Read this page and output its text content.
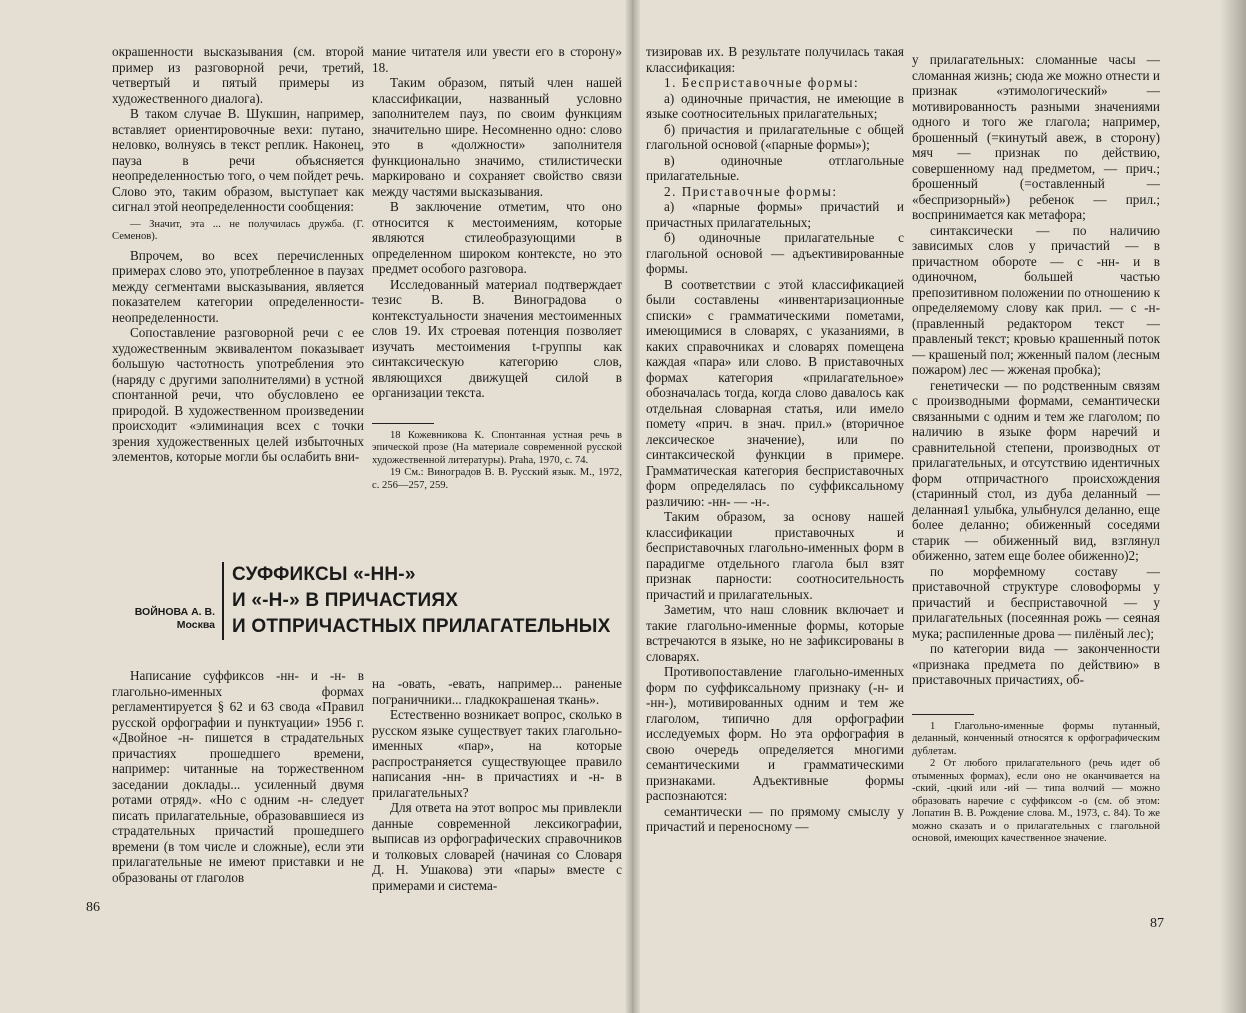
окрашенности высказывания (см. второй пример из разговорной речи, третий, четвертый и пятый примеры из художественного диалога).

В таком случае В. Шукшин, например, вставляет ориентировочные вехи: путано, неловко, волнуясь в текст реплик. Наконец, пауза в речи объясняется неопределенностью того, о чем пойдет речь. Слово это, таким образом, выступает как сигнал этой неопределенности сообщения:

— Значит, эта ... не получилась дружба. (Г. Семенов).

Впрочем, во всех перечисленных примерах слово это, употребленное в паузах между сегментами высказывания, является показателем категории определенности-неопределенности.

Сопоставление разговорной речи с ее художественным эквивалентом показывает большую частотность употребления это (наряду с другими заполнителями) в устной спонтанной речи, что обусловлено ее природой. В художественном произведении происходит «элиминация всех с точки зрения художественных целей избыточных элементов, которые могли бы ослабить вни-

мание читателя или увести его в сторону» 18.

Таким образом, пятый член нашей классификации, названный условно заполнителем пауз, по своим функциям значительно шире. Несомненно одно: слово это в «должности» заполнителя функционально значимо, стилистически маркировано и сохраняет свойство связи между частями высказывания.

В заключение отметим, что оно относится к местоимениям, которые являются стилеобразующими в определенном широком контексте, но это предмет особого разговора.

Исследованный материал подтверждает тезис В. В. Виноградова о контекстуальности значения местоименных слов 19. Их строевая потенция позволяет изучать местоимения t-группы как синтаксическую категорию слов, являющихся движущей силой в организации текста.

18 Кожевникова К. Спонтанная устная речь в эпической прозе (На материале современной русской художественной литературы). Praha, 1970, с. 74.

19 См.: Виноградов В. В. Русский язык. М., 1972, с. 256—257, 259.

ВОЙНОВА А. В.
Москва
СУФФИКСЫ «-НН-»
И «-Н-» В ПРИЧАСТИЯХ
И ОТПРИЧАСТНЫХ ПРИЛАГАТЕЛЬНЫХ

Написание суффиксов -нн- и -н- в глагольно-именных формах регламентируется § 62 и 63 свода «Правил русской орфографии и пунктуации» 1956 г. «Двойное -н- пишется в страдательных причастиях прошедшего времени, например: читанные на торжественном заседании доклады... усиленный двумя ротами отряд». «Но с одним -н- следует писать прилагательные, образовавшиеся из страдательных причастий прошедшего времени (в том числе и сложные), если эти прилагательные не имеют приставки и не образованы от глаголов

на -овать, -евать, например... раненые пограничники... гладкокрашеная ткань».

Естественно возникает вопрос, сколько в русском языке существует таких глагольно-именных «пар», на которые распространяется существующее правило написания -нн- в причастиях и -н- в прилагательных?

Для ответа на этот вопрос мы привлекли данные современной лексикографии, выписав из орфографических справочников и толковых словарей (начиная со Словаря Д. Н. Ушакова) эти «пары» вместе с примерами и система-

86

тизировав их. В результате получилась такая классификация:

1. Бесприставочные формы:

а) одиночные причастия, не имеющие в языке соотносительных прилагательных;

б) причастия и прилагательные с общей глагольной основой («парные формы»);

в) одиночные отглагольные прилагательные.

2. Приставочные формы:

а) «парные формы» причастий и причастных прилагательных;

б) одиночные прилагательные с глагольной основой — адъективированные формы.

В соответствии с этой классификацией были составлены «инвентаризационные списки» с грамматическими пометами, имеющимися в словарях, с указаниями, в каких справочниках и словарях помещена каждая «пара» или слово. В приставочных формах категория «прилагательное» обозначалась тогда, когда слово давалось как отдельная словарная статья, или имело помету «прич. в знач. прил.» (вторичное лексическое значение), или по синтаксической функции в примере. Грамматическая категория бесприставочных форм определялась по суффиксальному различию: -нн- — -н-.

Таким образом, за основу нашей классификации приставочных и бесприставочных глагольно-именных форм в парадигме отдельного глагола был взят признак парности: соотносительность причастий и прилагательных.

Заметим, что наш словник включает и такие глагольно-именные формы, которые встречаются в языке, но не зафиксированы в словарях.

Противопоставление глагольно-именных форм по суффиксальному признаку (-н- и -нн-), мотивированных одним и тем же глаголом, типично для орфографии исследуемых форм. Но эта орфография в свою очередь определяется многими семантическими и грамматическими признаками. Адъективные формы распознаются:

семантически — по прямому смыслу у причастий и переносному —

у прилагательных: сломанные часы — сломанная жизнь; сюда же можно отнести и признак «этимологический» — мотивированность разными значениями одного и того же глагола; например, брошенный (=кинутый авеж, в сторону) мяч — признак по действию, совершенному над предметом, — прич.; брошенный (=оставленный — «беспризорный») ребенок — прил.; воспринимается как метафора;

синтаксически — по наличию зависимых слов у причастий — в причастном обороте — с -нн- и в одиночном, большей частью препозитивном положении по отношению к определяемому слову как прил. — с -н- (правленный редактором текст — правленый текст; кровью крашенный поток — крашеный пол; жженный палом (лесным пожаром) лес — жженая пробка);

генетически — по родственным связям с производными формами, семантически связанными с одним и тем же глаголом; по наличию в языке форм наречий и сравнительной степени, производных от прилагательных, и отсутствию идентичных форм отпричастного происхождения (старинный стол, из дуба деланный — деланная1 улыбка, улыбнулся деланно, еще более деланно; обиженный соседями старик — обиженный вид, взглянул обиженно, затем еще более обиженно)2;

по морфемному составу — приставочной структуре словоформы у причастий и бесприставочной — у прилагательных (посеянная рожь — сеяная мука; распиленные дрова — пилёный лес);

по категории вида — законченности «признака предмета по действию» в приставочных причастиях, об-

1 Глагольно-именные формы путанный, деланный, конченный относятся к орфографическим дублетам.

2 От любого прилагательного (речь идет об отыменных формах), если оно не оканчивается на -ский, -цкий или -ий — типа волчий — можно образовать наречие с суффиксом -о (см. об этом: Лопатин В. В. Рождение слова. М., 1973, с. 84). То же можно сказать и о прилагательных с глагольной основой, имеющих качественное значение.

87
